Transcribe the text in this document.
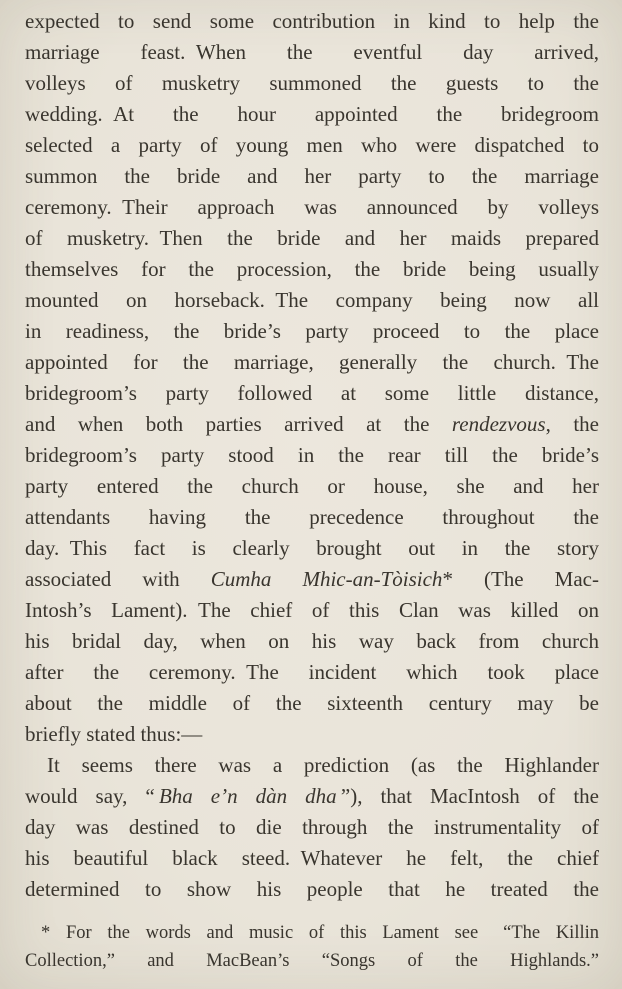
expected to send some contribution in kind to help the
marriage feast. When the eventful day arrived,
volleys of musketry summoned the guests to the
wedding. At the hour appointed the bridegroom
selected a party of young men who were dispatched to
summon the bride and her party to the marriage
ceremony. Their approach was announced by volleys
of musketry. Then the bride and her maids prepared
themselves for the procession, the bride being usually
mounted on horseback. The company being now all
in readiness, the bride’s party proceed to the place
appointed for the marriage, generally the church. The
bridegroom’s party followed at some little distance,
and when both parties arrived at the rendezvous, the
bridegroom’s party stood in the rear till the bride’s
party entered the church or house, she and her
attendants having the precedence throughout the
day. This fact is clearly brought out in the story
associated with Cumha Mhic-an-Tòisich* (The Mac-
Intosh’s Lament). The chief of this Clan was killed on
his bridal day, when on his way back from church
after the ceremony. The incident which took place
about the middle of the sixteenth century may be
briefly stated thus:—
It seems there was a prediction (as the Highlander
would say, “ Bha e’n dàn dha ”), that MacIntosh of the
day was destined to die through the instrumentality of
his beautiful black steed. Whatever he felt, the chief
determined to show his people that he treated the
* For the words and music of this Lament see  “The Killin
Collection,” and MacBean’s “Songs of the Highlands.”
